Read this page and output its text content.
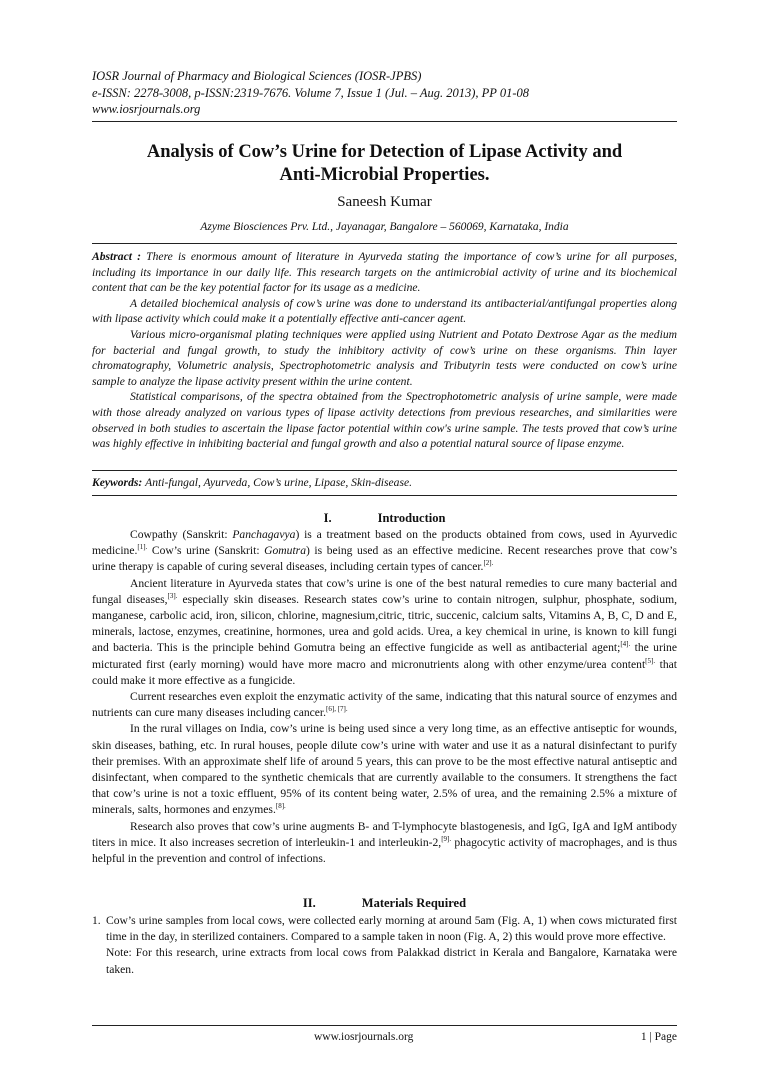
IOSR Journal of Pharmacy and Biological Sciences (IOSR-JPBS)
e-ISSN: 2278-3008, p-ISSN:2319-7676. Volume 7, Issue 1 (Jul. – Aug. 2013), PP 01-08
www.iosrjournals.org
Analysis of Cow’s Urine for Detection of Lipase Activity and
Anti-Microbial Properties.
Saneesh Kumar
Azyme Biosciences Prv. Ltd., Jayanagar, Bangalore – 560069, Karnataka, India

Abstract : There is enormous amount of literature in Ayurveda stating the importance of cow’s urine for all purposes, including its importance in our daily life. This research targets on the antimicrobial activity of urine and its biochemical content that can be the key potential factor for its usage as a medicine.

A detailed biochemical analysis of cow’s urine was done to understand its antibacterial/antifungal properties along with lipase activity which could make it a potentially effective anti-cancer agent.

Various micro-organismal plating techniques were applied using Nutrient and Potato Dextrose Agar as the medium for bacterial and fungal growth, to study the inhibitory activity of cow’s urine on these organisms. Thin layer chromatography, Volumetric analysis, Spectrophotometric analysis and Tributyrin tests were conducted on cow’s urine sample to analyze the lipase activity present within the urine content.

Statistical comparisons, of the spectra obtained from the Spectrophotometric analysis of urine sample, were made with those already analyzed on various types of lipase activity detections from previous researches, and similarities were observed in both studies to ascertain the lipase factor potential within cow's urine sample. The tests proved that cow’s urine was highly effective in inhibiting bacterial and fungal growth and also a potential natural source of lipase enzyme.

Keywords: Anti-fungal, Ayurveda, Cow’s urine, Lipase, Skin-disease.
I.	Introduction

Cowpathy (Sanskrit: Panchagavya) is a treatment based on the products obtained from cows, used in Ayurvedic medicine.$^{[1].}$ Cow’s urine (Sanskrit: Gomutra) is being used as an effective medicine. Recent researches prove that cow’s urine therapy is capable of curing several diseases, including certain types of cancer.$^{[2].}$

Ancient literature in Ayurveda states that cow’s urine is one of the best natural remedies to cure many bacterial and fungal diseases,$^{[3].}$ especially skin diseases. Research states cow’s urine to contain nitrogen, sulphur, phosphate, sodium, manganese, carbolic acid, iron, silicon, chlorine, magnesium,citric, titric, succenic, calcium salts, Vitamins A, B, C, D and E, minerals, lactose, enzymes, creatinine, hormones, urea and gold acids. Urea, a key chemical in urine, is known to kill fungi and bacteria. This is the principle behind Gomutra being an effective fungicide as well as antibacterial agent;$^{[4].}$ the urine micturated first (early morning) would have more macro and micronutrients along with other enzyme/urea content$^{[5].}$ that could make it more effective as a fungicide.

Current researches even exploit the enzymatic activity of the same, indicating that this natural source of enzymes and nutrients can cure many diseases including cancer.$^{[6], [7].}$

In the rural villages on India, cow’s urine is being used since a very long time, as an effective antiseptic for wounds, skin diseases, bathing, etc. In rural houses, people dilute cow’s urine with water and use it as a natural disinfectant to purify their premises. With an approximate shelf life of around 5 years, this can prove to be the most effective natural antiseptic and disinfectant, when compared to the synthetic chemicals that are currently available to the consumers. It strengthens the fact that cow’s urine is not a toxic effluent, 95% of its content being water, 2.5% of urea, and the remaining 2.5% a mixture of minerals, salts, hormones and enzymes.$^{[8].}$

Research also proves that cow’s urine augments B- and T-lymphocyte blastogenesis, and IgG, IgA and IgM antibody titers in mice. It also increases secretion of interleukin-1 and interleukin-2,$^{[9].}$ phagocytic activity of macrophages, and is thus helpful in the prevention and control of infections.

II.	Materials Required
1. Cow’s urine samples from local cows, were collected early morning at around 5am (Fig. A, 1) when cows micturated first time in the day, in sterilized containers. Compared to a sample taken in noon (Fig. A, 2) this would prove more effective.

Note: For this research, urine extracts from local cows from Palakkad district in Kerala and Bangalore, Karnataka were taken.

www.iosrjournals.org	1 | Page
